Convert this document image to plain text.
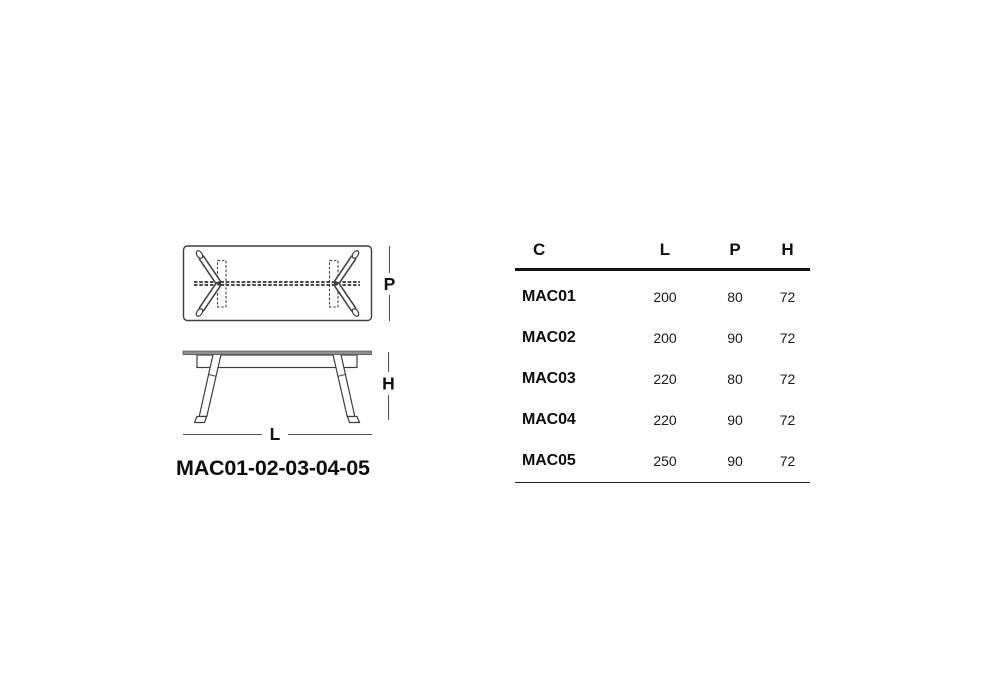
P
H
L
MAC01-02-03-04-05
C	L	P	H
MAC01	200	80	72
MAC02	200	90	72
MAC03	220	80	72
MAC04	220	90	72
MAC05	250	90	72
